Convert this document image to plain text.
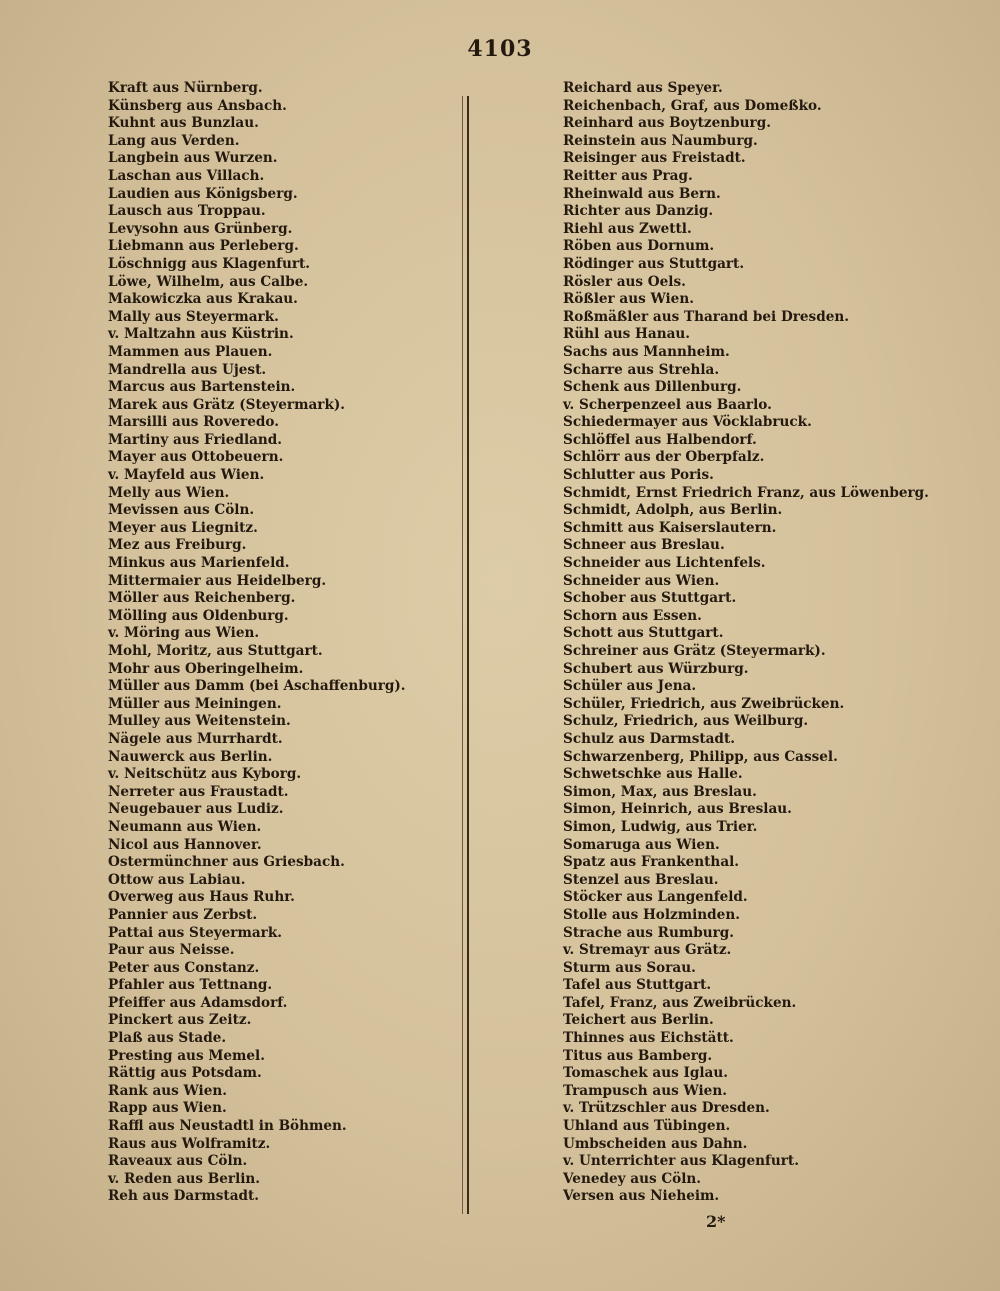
4103
Kraft aus Nürnberg.
Künsberg aus Ansbach.
Kuhnt aus Bunzlau.
Lang aus Verden.
Langbein aus Wurzen.
Laschan aus Villach.
Laudien aus Königsberg.
Lausch aus Troppau.
Levysohn aus Grünberg.
Liebmann aus Perleberg.
Löschnigg aus Klagenfurt.
Löwe, Wilhelm, aus Calbe.
Makowiczka aus Krakau.
Mally aus Steyermark.
v. Maltzahn aus Küstrin.
Mammen aus Plauen.
Mandrella aus Ujest.
Marcus aus Bartenstein.
Marek aus Grätz (Steyermark).
Marsilli aus Roveredo.
Martiny aus Friedland.
Mayer aus Ottobeuern.
v. Mayfeld aus Wien.
Melly aus Wien.
Mevissen aus Cöln.
Meyer aus Liegnitz.
Mez aus Freiburg.
Minkus aus Marienfeld.
Mittermaier aus Heidelberg.
Möller aus Reichenberg.
Mölling aus Oldenburg.
v. Möring aus Wien.
Mohl, Moritz, aus Stuttgart.
Mohr aus Oberingelheim.
Müller aus Damm (bei Aschaffenburg).
Müller aus Meiningen.
Mulley aus Weitenstein.
Nägele aus Murrhardt.
Nauwerck aus Berlin.
v. Neitschütz aus Kyborg.
Nerreter aus Fraustadt.
Neugebauer aus Ludiz.
Neumann aus Wien.
Nicol aus Hannover.
Ostermünchner aus Griesbach.
Ottow aus Labiau.
Overweg aus Haus Ruhr.
Pannier aus Zerbst.
Pattai aus Steyermark.
Paur aus Neisse.
Peter aus Constanz.
Pfahler aus Tettnang.
Pfeiffer aus Adamsdorf.
Pinckert aus Zeitz.
Plaß aus Stade.
Presting aus Memel.
Rättig aus Potsdam.
Rank aus Wien.
Rapp aus Wien.
Raffl aus Neustadtl in Böhmen.
Raus aus Wolframitz.
Raveaux aus Cöln.
v. Reden aus Berlin.
Reh aus Darmstadt.
Reichard aus Speyer.
Reichenbach, Graf, aus Domeßko.
Reinhard aus Boytzenburg.
Reinstein aus Naumburg.
Reisinger aus Freistadt.
Reitter aus Prag.
Rheinwald aus Bern.
Richter aus Danzig.
Riehl aus Zwettl.
Röben aus Dornum.
Rödinger aus Stuttgart.
Rösler aus Oels.
Rößler aus Wien.
Roßmäßler aus Tharand bei Dresden.
Rühl aus Hanau.
Sachs aus Mannheim.
Scharre aus Strehla.
Schenk aus Dillenburg.
v. Scherpenzeel aus Baarlo.
Schiedermayer aus Vöcklabruck.
Schlöffel aus Halbendorf.
Schlörr aus der Oberpfalz.
Schlutter aus Poris.
Schmidt, Ernst Friedrich Franz, aus Löwenberg.
Schmidt, Adolph, aus Berlin.
Schmitt aus Kaiserslautern.
Schneer aus Breslau.
Schneider aus Lichtenfels.
Schneider aus Wien.
Schober aus Stuttgart.
Schorn aus Essen.
Schott aus Stuttgart.
Schreiner aus Grätz (Steyermark).
Schubert aus Würzburg.
Schüler aus Jena.
Schüler, Friedrich, aus Zweibrücken.
Schulz, Friedrich, aus Weilburg.
Schulz aus Darmstadt.
Schwarzenberg, Philipp, aus Cassel.
Schwetschke aus Halle.
Simon, Max, aus Breslau.
Simon, Heinrich, aus Breslau.
Simon, Ludwig, aus Trier.
Somaruga aus Wien.
Spatz aus Frankenthal.
Stenzel aus Breslau.
Stöcker aus Langenfeld.
Stolle aus Holzminden.
Strache aus Rumburg.
v. Stremayr aus Grätz.
Sturm aus Sorau.
Tafel aus Stuttgart.
Tafel, Franz, aus Zweibrücken.
Teichert aus Berlin.
Thinnes aus Eichstätt.
Titus aus Bamberg.
Tomaschek aus Iglau.
Trampusch aus Wien.
v. Trützschler aus Dresden.
Uhland aus Tübingen.
Umbscheiden aus Dahn.
v. Unterrichter aus Klagenfurt.
Venedey aus Cöln.
Versen aus Nieheim.
2*
